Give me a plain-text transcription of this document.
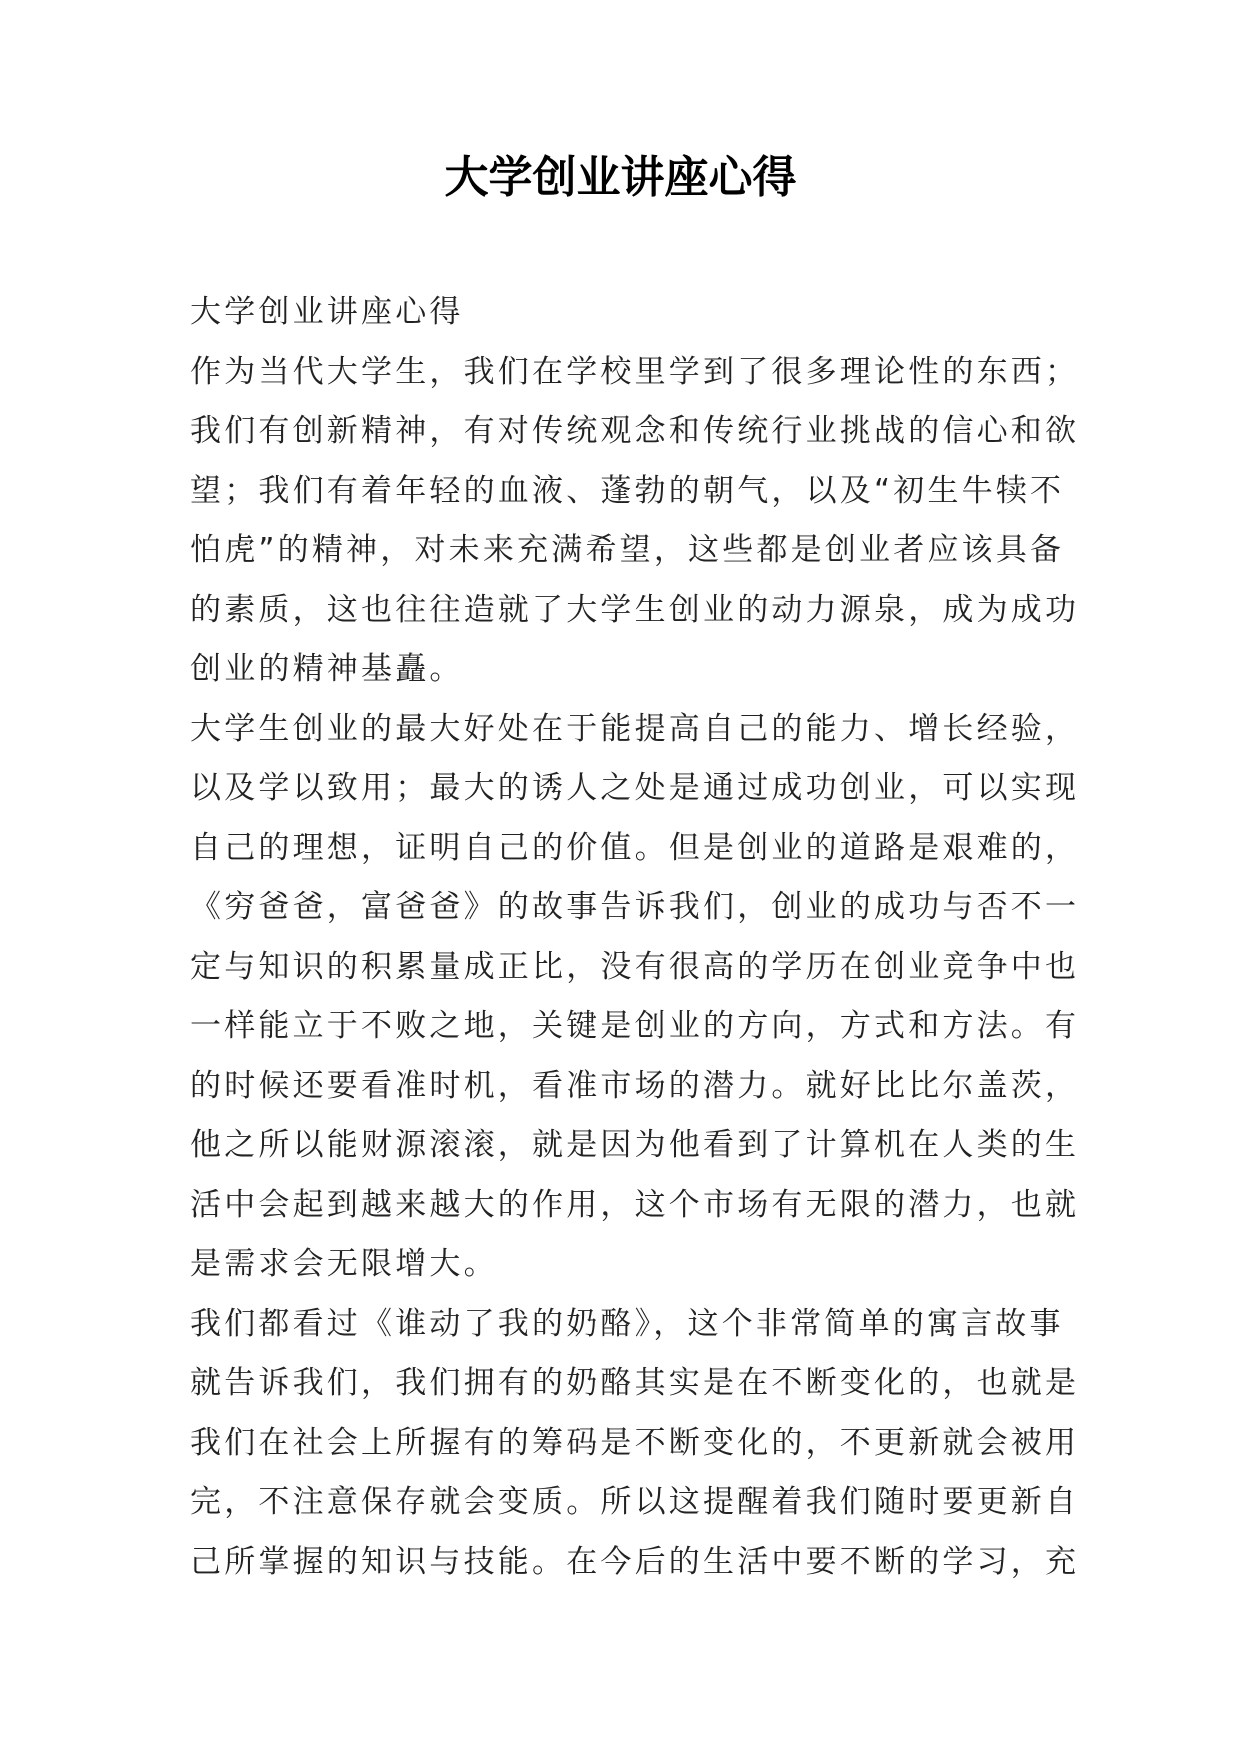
大学创业讲座心得
大学创业讲座心得
作为当代大学生，我们在学校里学到了很多理论性的东西；
我们有创新精神，有对传统观念和传统行业挑战的信心和欲
望；我们有着年轻的血液、蓬勃的朝气，以及“初生牛犊不
怕虎”的精神，对未来充满希望，这些都是创业者应该具备
的素质，这也往往造就了大学生创业的动力源泉，成为成功
创业的精神基矗。
大学生创业的最大好处在于能提高自己的能力、增长经验，
以及学以致用；最大的诱人之处是通过成功创业，可以实现
自己的理想，证明自己的价值。但是创业的道路是艰难的，
《穷爸爸，富爸爸》的故事告诉我们，创业的成功与否不一
定与知识的积累量成正比，没有很高的学历在创业竞争中也
一样能立于不败之地，关键是创业的方向，方式和方法。有
的时候还要看准时机，看准市场的潜力。就好比比尔盖茨，
他之所以能财源滚滚，就是因为他看到了计算机在人类的生
活中会起到越来越大的作用，这个市场有无限的潜力，也就
是需求会无限增大。
我们都看过《谁动了我的奶酪》，这个非常简单的寓言故事
就告诉我们，我们拥有的奶酪其实是在不断变化的，也就是
我们在社会上所握有的筹码是不断变化的，不更新就会被用
完，不注意保存就会变质。所以这提醒着我们随时要更新自
己所掌握的知识与技能。在今后的生活中要不断的学习，充
